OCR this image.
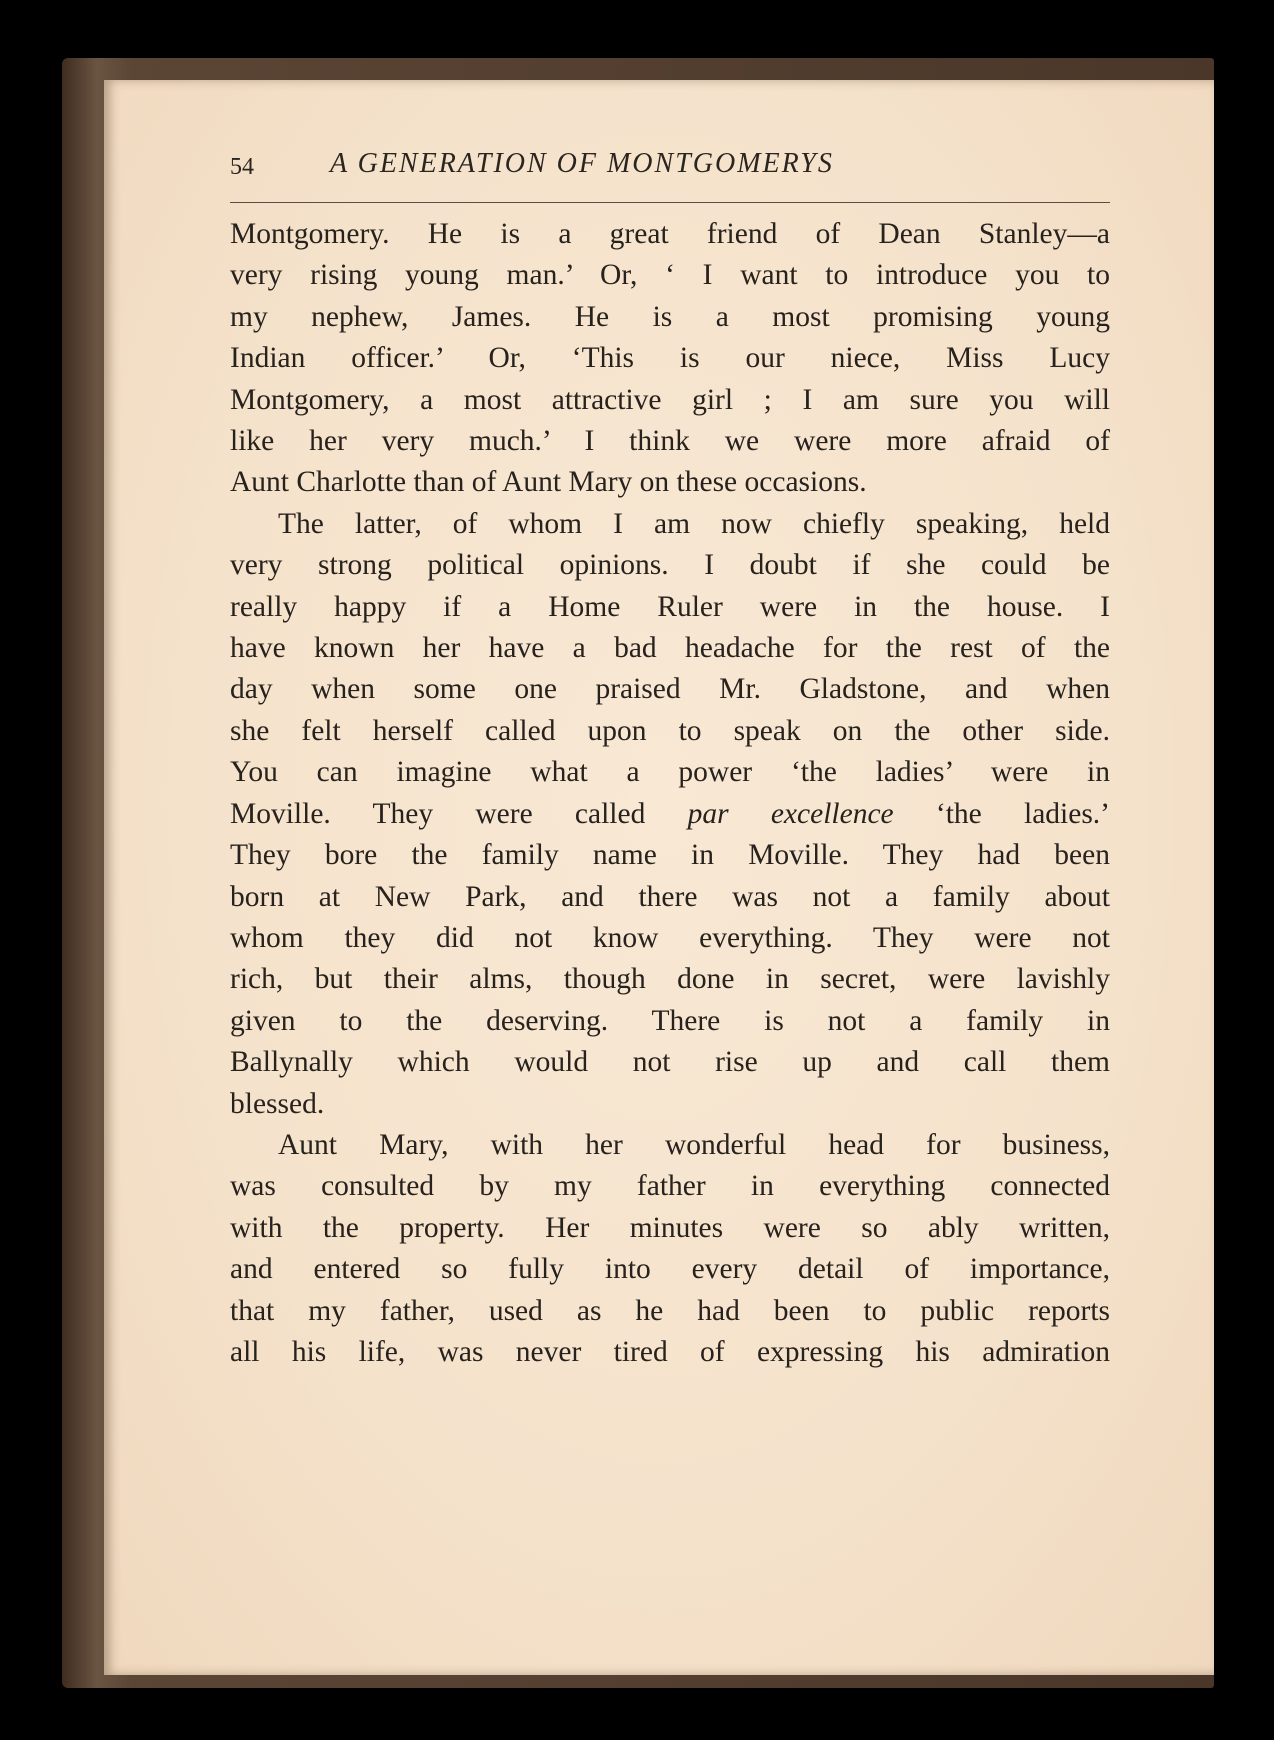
54	A GENERATION OF MONTGOMERYS
Montgomery. He is a great friend of Dean Stanley—a
very rising young man.’ Or, ‘ I want to introduce you to
my nephew, James. He is a most promising young
Indian officer.’ Or, ‘This is our niece, Miss Lucy
Montgomery, a most attractive girl ; I am sure you will
like her very much.’ I think we were more afraid of
Aunt Charlotte than of Aunt Mary on these occasions.
The latter, of whom I am now chiefly speaking, held
very strong political opinions. I doubt if she could be
really happy if a Home Ruler were in the house. I
have known her have a bad headache for the rest of the
day when some one praised Mr. Gladstone, and when
she felt herself called upon to speak on the other side.
You can imagine what a power ‘the ladies’ were in
Moville. They were called par excellence ‘the ladies.’
They bore the family name in Moville. They had been
born at New Park, and there was not a family about
whom they did not know everything. They were not
rich, but their alms, though done in secret, were lavishly
given to the deserving. There is not a family in
Ballynally which would not rise up and call them
blessed.
Aunt Mary, with her wonderful head for business,
was consulted by my father in everything connected
with the property. Her minutes were so ably written,
and entered so fully into every detail of importance,
that my father, used as he had been to public reports
all his life, was never tired of expressing his admiration
